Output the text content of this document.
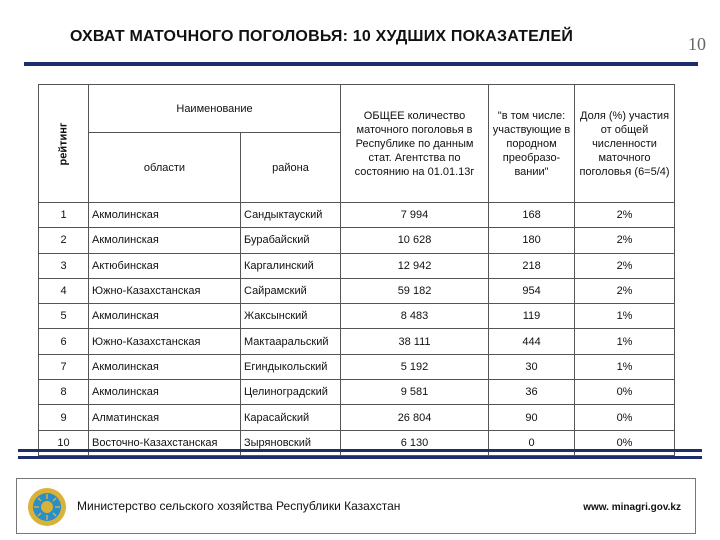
ОХВАТ МАТОЧНОГО ПОГОЛОВЬЯ: 10 ХУДШИХ ПОКАЗАТЕЛЕЙ	10
рейтинг	Наименование		ОБЩЕЕ количество маточного поголовья в Республике по данным стат. Агентства по состоянию на 01.01.13г	"в том числе: участвующие в породном преобразо-вании"	Доля (%) участия от общей численности маточного поголовья (6=5/4)
	области	района			
1	Акмолинская	Сандыктауский	7 994	168	2%
2	Акмолинская	Бурабайский	10 628	180	2%
3	Актюбинская	Каргалинский	12 942	218	2%
4	Южно-Казахстанская	Сайрамский	59 182	954	2%
5	Акмолинская	Жаксынский	8 483	119	1%
6	Южно-Казахстанская	Мактааральский	38 111	444	1%
7	Акмолинская	Егиндыкольский	5 192	30	1%
8	Акмолинская	Целиноградский	9 581	36	0%
9	Алматинская	Карасайский	26 804	90	0%
10	Восточно-Казахстанская	Зыряновский	6 130	0	0%
Министерство сельского хозяйства Республики Казахстан	www. minagri.gov.kz
